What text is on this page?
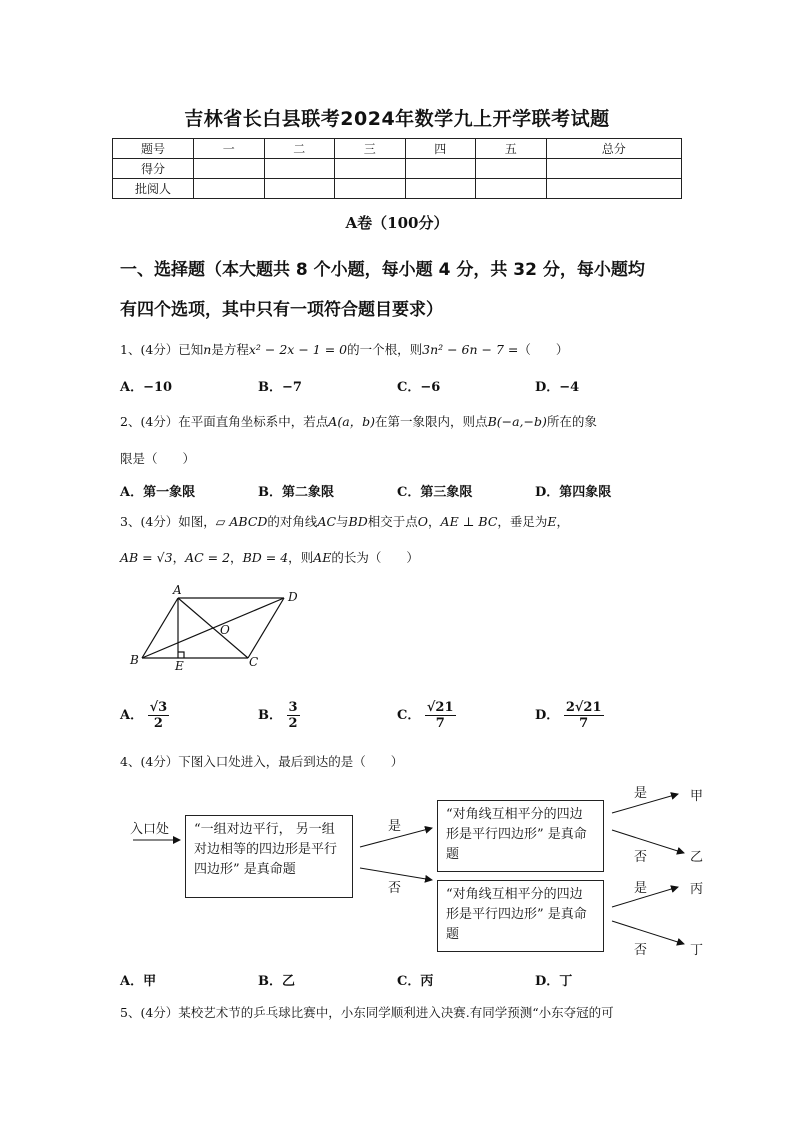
吉林省长白县联考2024年数学九上开学联考试题
题号	一	二	三	四	五	总分
得分						
批阅人						
A卷（100分）
一、选择题（本大题共 8 个小题，每小题 4 分，共 32 分，每小题均
有四个选项，其中只有一项符合题目要求）
1、(4分）已知n是方程x² − 2x − 1 = 0的一个根，则3n² − 6n − 7 =（　　）
A．−10	B．−7	C．−6	D．−4
2、(4分）在平面直角坐标系中，若点A(a，b)在第一象限内，则点B(−a,−b)所在的象
限是（　　）
A．第一象限	B．第二象限	C．第三象限	D．第四象限
3、(4分）如图，▱ ABCD的对角线AC与BD相交于点O，AE ⊥ BC，垂足为E，
AB = √3，AC = 2，BD = 4，则AE的长为（　　）
A	D
O
B	E	C
A． $\frac{√3}{2}$	B． $\frac{3}{2}$	C． $\frac{√21}{7}$	D． $\frac{2√21}{7}$
4、(4分）下图入口处进入，最后到达的是（　　）
入口处	“一组对边平行， 另一组对边相等的四边形是平行四边形” 是真命题
“对角线互相平分的四边形是平行四边形” 是真命题
“对角线互相平分的四边形是平行四边形” 是真命题
是
否
是
否
是
否
甲
乙
丙
丁
A．甲	B．乙	C．丙	D．丁
5、(4分）某校艺术节的乒乓球比赛中，小东同学顺利进入决赛.有同学预测“小东夺冠的可
